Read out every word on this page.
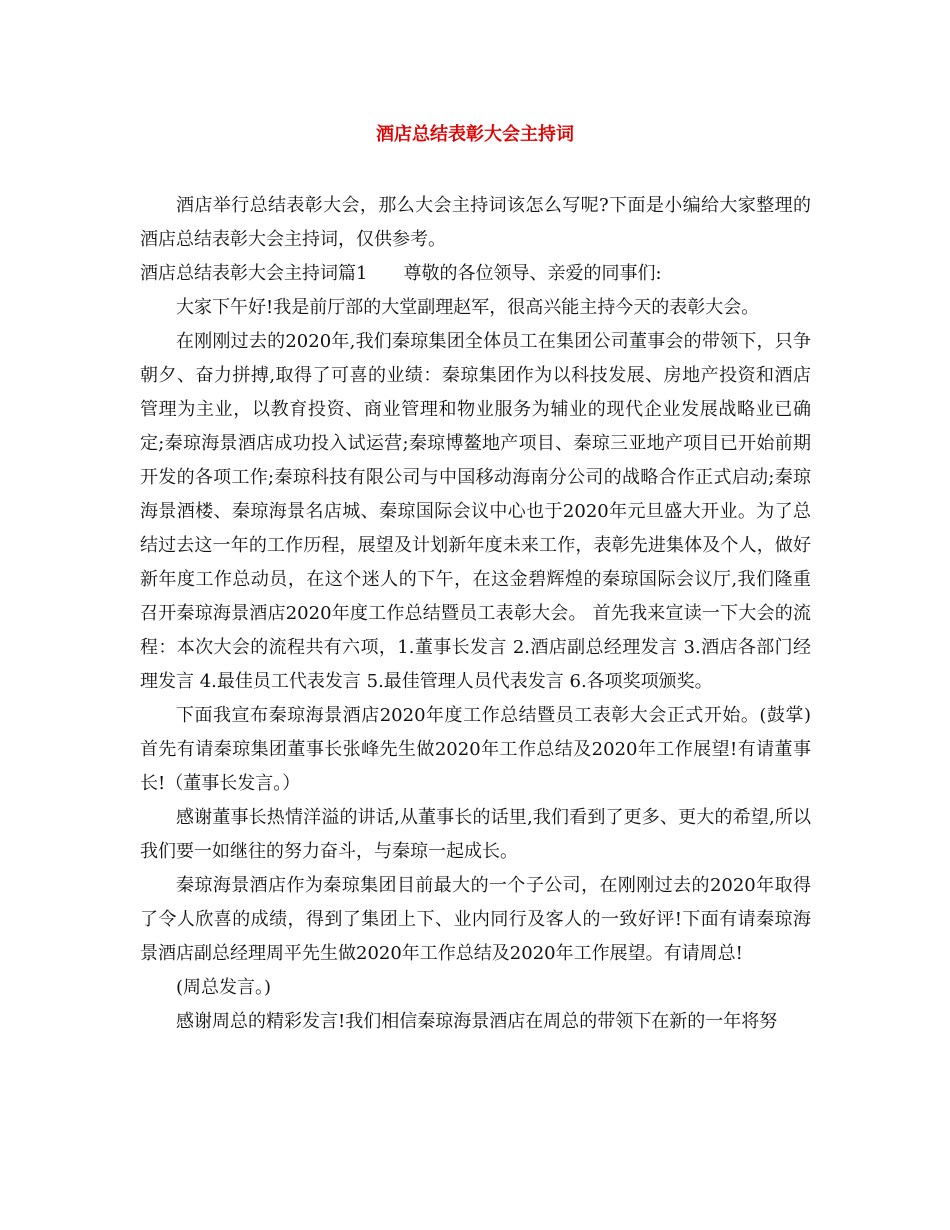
酒店总结表彰大会主持词

酒店举行总结表彰大会，那么大会主持词该怎么写呢?下面是小编给大家整理的酒店总结表彰大会主持词，仅供参考。

酒店总结表彰大会主持词篇1 尊敬的各位领导、亲爱的同事们:

大家下午好!我是前厅部的大堂副理赵军，很高兴能主持今天的表彰大会。

在刚刚过去的2020年,我们秦琼集团全体员工在集团公司董事会的带领下，只争朝夕、奋力拼搏,取得了可喜的业绩：秦琼集团作为以科技发展、房地产投资和酒店管理为主业，以教育投资、商业管理和物业服务为辅业的现代企业发展战略业已确定;秦琼海景酒店成功投入试运营;秦琼博鳌地产项目、秦琼三亚地产项目已开始前期开发的各项工作;秦琼科技有限公司与中国移动海南分公司的战略合作正式启动;秦琼海景酒楼、秦琼海景名店城、秦琼国际会议中心也于2020年元旦盛大开业。为了总结过去这一年的工作历程，展望及计划新年度未来工作，表彰先进集体及个人，做好新年度工作总动员，在这个迷人的下午，在这金碧辉煌的秦琼国际会议厅,我们隆重召开秦琼海景酒店2020年度工作总结暨员工表彰大会。 首先我来宣读一下大会的流程：本次大会的流程共有六项，1.董事长发言 2.酒店副总经理发言 3.酒店各部门经理发言 4.最佳员工代表发言 5.最佳管理人员代表发言 6.各项奖项颁奖。

下面我宣布秦琼海景酒店2020年度工作总结暨员工表彰大会正式开始。(鼓掌)首先有请秦琼集团董事长张峰先生做2020年工作总结及2020年工作展望!有请董事长!（董事长发言。）

感谢董事长热情洋溢的讲话,从董事长的话里,我们看到了更多、更大的希望,所以我们要一如继往的努力奋斗，与秦琼一起成长。

秦琼海景酒店作为秦琼集团目前最大的一个子公司，在刚刚过去的2020年取得了令人欣喜的成绩，得到了集团上下、业内同行及客人的一致好评!下面有请秦琼海景酒店副总经理周平先生做2020年工作总结及2020年工作展望。有请周总!

(周总发言。)

感谢周总的精彩发言!我们相信秦琼海景酒店在周总的带领下在新的一年将努
